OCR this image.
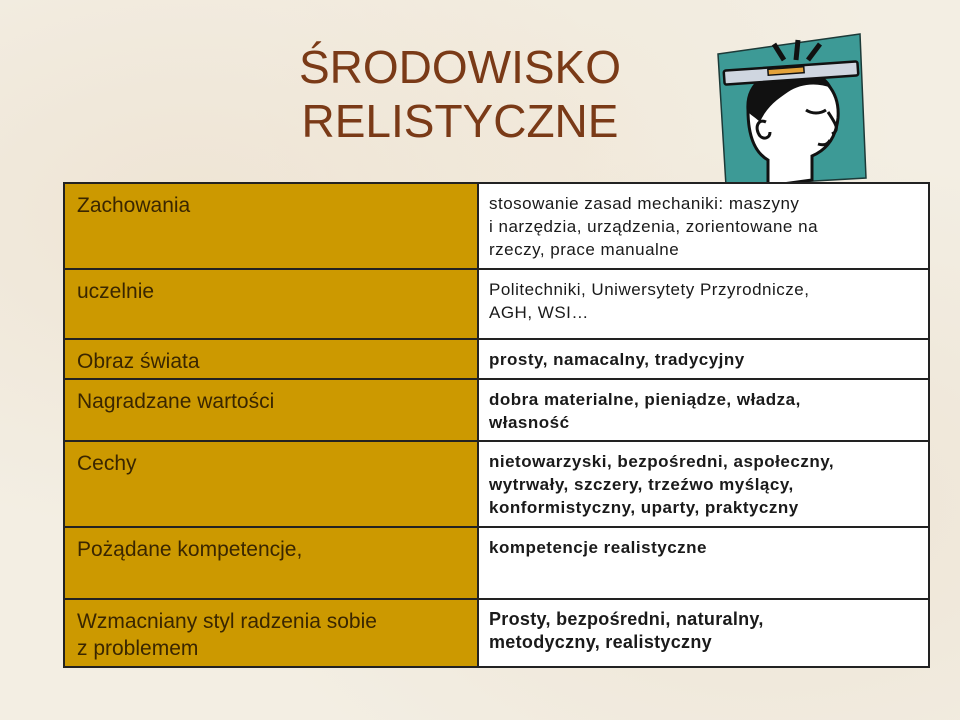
ŚRODOWISKO
RELISTYCZNE
Zachowania	stosowanie zasad mechaniki: maszyny
i narzędzia, urządzenia, zorientowane na
rzeczy, prace manualne

uczelnie	Politechniki, Uniwersytety Przyrodnicze,
AGH, WSI…

Obraz świata	prosty, namacalny, tradycyjny

Nagradzane wartości	dobra materialne, pieniądze, władza,
własność

Cechy	nietowarzyski, bezpośredni, aspołeczny,
wytrwały, szczery, trzeźwo myślący,
konformistyczny, uparty, praktyczny

Pożądane kompetencje,	kompetencje realistyczne

Wzmacniany styl radzenia sobie
z problemem	Prosty, bezpośredni, naturalny,
metodyczny, realistyczny
